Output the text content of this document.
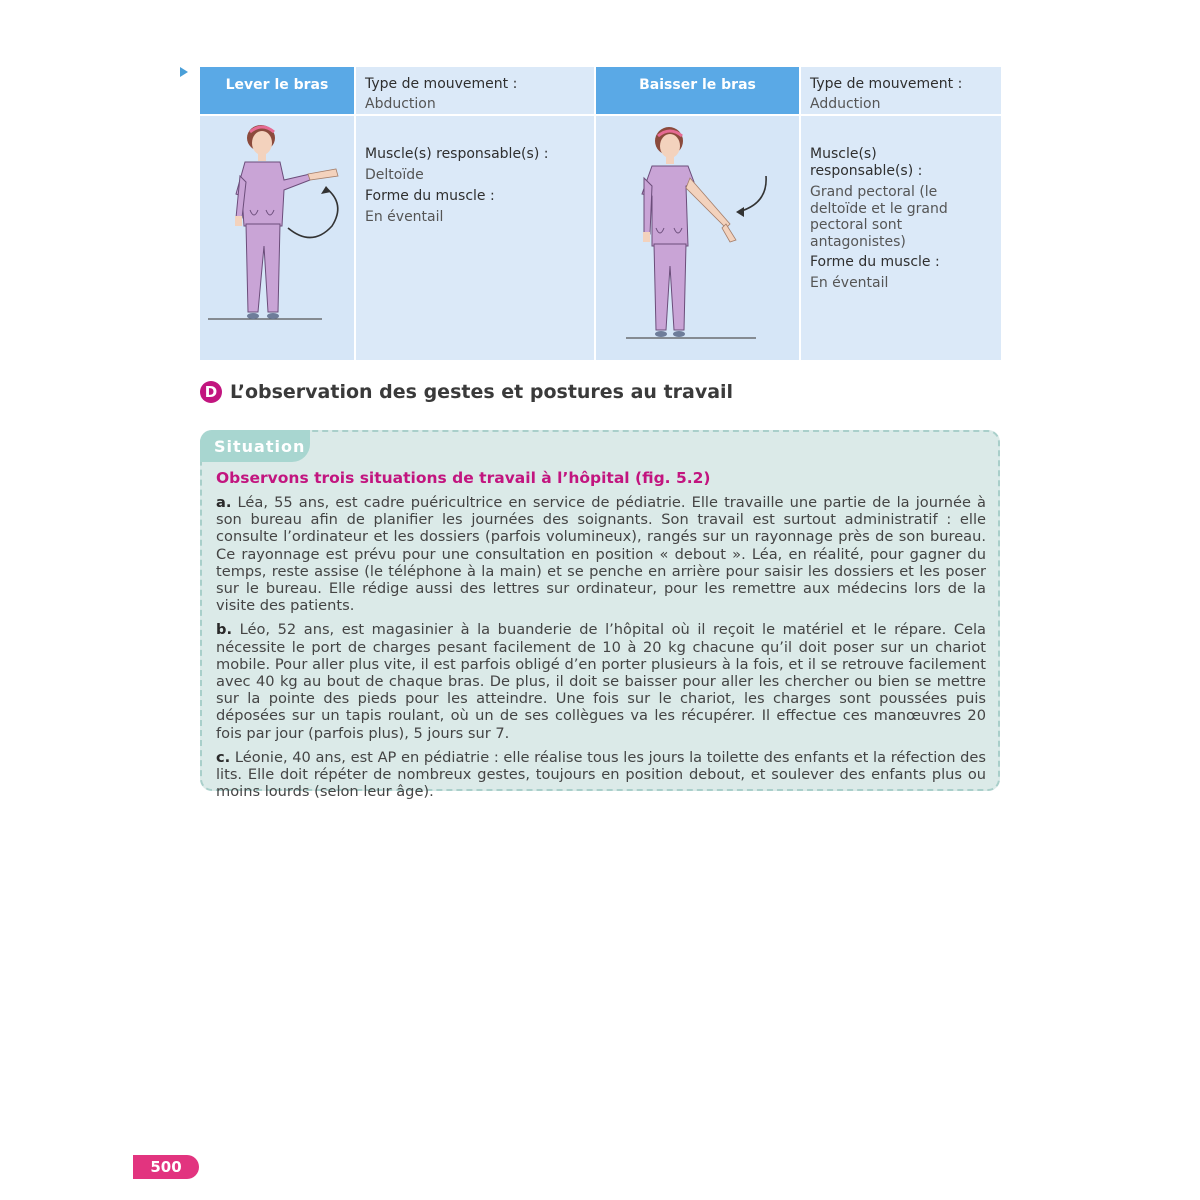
Lever le bras	Type de mouvement :
Abduction
Baisser le bras	Type de mouvement :
Adduction
Muscle(s) responsable(s) :
Deltoïde
Forme du muscle :
En éventail
Muscle(s)
responsable(s) :
Grand pectoral (le deltoïde et le grand pectoral sont antagonistes)
Forme du muscle :
En éventail
D L’observation des gestes et postures au travail
Situation
Observons trois situations de travail à l’hôpital (fig. 5.2)

a. Léa, 55 ans, est cadre puéricultrice en service de pédiatrie. Elle travaille une partie de la journée à son bureau afin de planifier les journées des soignants. Son travail est surtout administratif : elle consulte l’ordinateur et les dossiers (parfois volumineux), rangés sur un rayonnage près de son bureau. Ce rayonnage est prévu pour une consultation en position « debout ». Léa, en réalité, pour gagner du temps, reste assise (le téléphone à la main) et se penche en arrière pour saisir les dossiers et les poser sur le bureau. Elle rédige aussi des lettres sur ordinateur, pour les remettre aux médecins lors de la visite des patients.

b. Léo, 52 ans, est magasinier à la buanderie de l’hôpital où il reçoit le matériel et le répare. Cela nécessite le port de charges pesant facilement de 10 à 20 kg chacune qu’il doit poser sur un chariot mobile. Pour aller plus vite, il est parfois obligé d’en porter plusieurs à la fois, et il se retrouve facilement avec 40 kg au bout de chaque bras. De plus, il doit se baisser pour aller les chercher ou bien se mettre sur la pointe des pieds pour les atteindre. Une fois sur le chariot, les charges sont poussées puis déposées sur un tapis roulant, où un de ses collègues va les récupérer. Il effectue ces manœuvres 20 fois par jour (parfois plus), 5 jours sur 7.

c. Léonie, 40 ans, est AP en pédiatrie : elle réalise tous les jours la toilette des enfants et la réfection des lits. Elle doit répéter de nombreux gestes, toujours en position debout, et soulever des enfants plus ou moins lourds (selon leur âge).

500
